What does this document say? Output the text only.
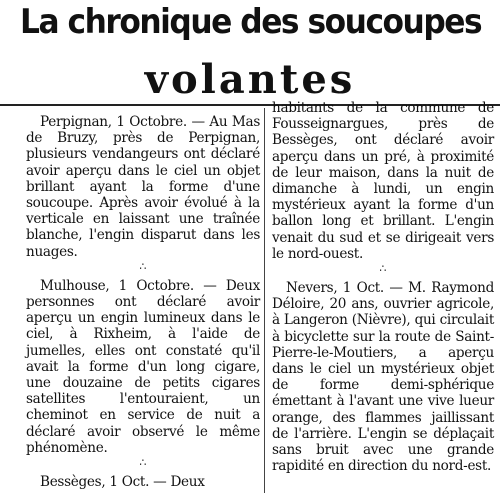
La chronique des soucoupes
volantes

Perpignan, 1 Octobre. — Au Mas de Bruzy, près de Perpignan, plusieurs vendangeurs ont déclaré avoir aperçu dans le ciel un objet brillant ayant la forme d'une soucoupe. Après avoir évolué à la verticale en laissant une traînée blanche, l'engin disparut dans les nuages.

∴

Mulhouse, 1 Octobre. — Deux personnes ont déclaré avoir aperçu un engin lumineux dans le ciel, à Rixheim, à l'aide de jumelles, elles ont constaté qu'il avait la forme d'un long cigare, une douzaine de petits cigares satellites l'entouraient, un cheminot en service de nuit a déclaré avoir observé le même phénomène.

∴

Bessèges, 1 Oct. — Deux

habitants de la commune de Fousseignargues, près de Bessèges, ont déclaré avoir aperçu dans un pré, à proximité de leur maison, dans la nuit de dimanche à lundi, un engin mystérieux ayant la forme d'un ballon long et brillant. L'engin venait du sud et se dirigeait vers le nord-ouest.

∴

Nevers, 1 Oct. — M. Raymond Déloire, 20 ans, ouvrier agricole, à Langeron (Nièvre), qui circulait à bicyclette sur la route de Saint-Pierre-le-Moutiers, a aperçu dans le ciel un mystérieux objet de forme demi-sphérique émettant à l'avant une vive lueur orange, des flammes jaillissant de l'arrière. L'engin se déplaçait sans bruit avec une grande rapidité en direction du nord-est.
